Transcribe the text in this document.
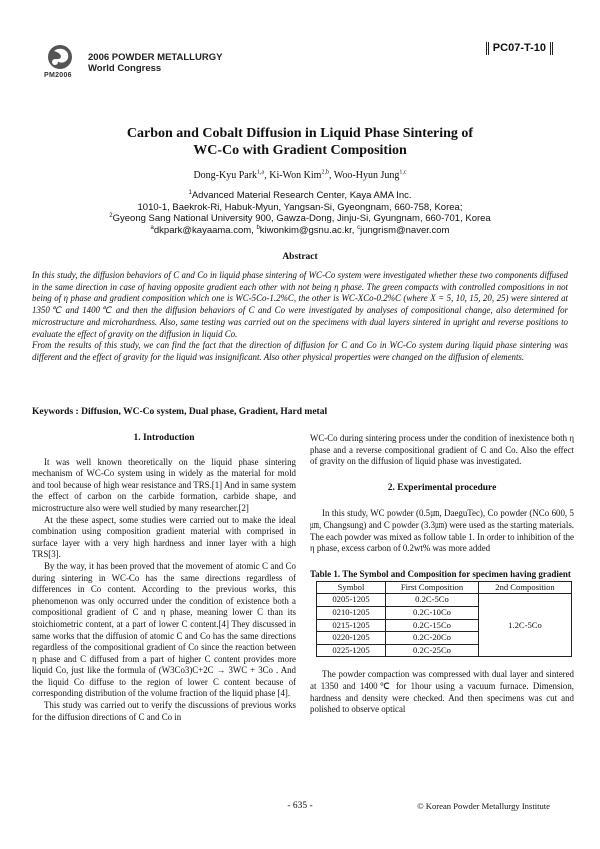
PM2006
2006 POWDER METALLURGY
World Congress
PC07-T-10
Carbon and Cobalt Diffusion in Liquid Phase Sintering of
WC-Co with Gradient Composition
Dong-Kyu Park$^{1,a}$, Ki-Won Kim$^{2,b}$, Woo-Hyun Jung$^{1,c}$
$^1$Advanced Material Research Center, Kaya AMA Inc.
1010-1, Baekrok-Ri, Habuk-Myun, Yangsan-Si, Gyeongnam, 660-758, Korea;
$^2$Gyeong Sang National University 900, Gawza-Dong, Jinju-Si, Gyungnam, 660-701, Korea
$^a$dkpark@kayaama.com, $^b$kiwonkim@gsnu.ac.kr, $^c$jungrism@naver.com
Abstract

In this study, the diffusion behaviors of C and Co in liquid phase sintering of WC-Co system were investigated whether these two components diffused in the same direction in case of having opposite gradient each other with not being η phase. The green compacts with controlled compositions in not being of η phase and gradient composition which one is WC-5Co-1.2%C, the other is WC-XCo-0.2%C (where X = 5, 10, 15, 20, 25) were sintered at 1350℃ and 1400℃ and then the diffusion behaviors of C and Co were investigated by analyses of compositional change, also determined for microstructure and microhardness. Also, same testing was carried out on the specimens with dual layers sintered in upright and reverse positions to evaluate the effect of gravity on the diffusion in liquid Co.

From the results of this study, we can find the fact that the direction of diffusion for C and Co in WC-Co system during liquid phase sintering was different and the effect of gravity for the liquid was insignificant. Also other physical properties were changed on the diffusion of elements.

Keywords : Diffusion, WC-Co system, Dual phase, Gradient, Hard metal
1. Introduction

It was well known theoretically on the liquid phase sintering mechanism of WC-Co system using in widely as the material for mold and tool because of high wear resistance and TRS.[1] And in same system the effect of carbon on the carbide formation, carbide shape, and microstructure also were well studied by many researcher.[2]

At the these aspect, some studies were carried out to make the ideal combination using composition gradient material with comprised in surface layer with a very high hardness and inner layer with a high TRS[3].

By the way, it has been proved that the movement of atomic C and Co during sintering in WC-Co has the same directions regardless of differences in Co content. According to the previous works, this phenomenon was only occurred under the condition of existence both a compositional gradient of C and η phase, meaning lower C than its stoichiometric content, at a part of lower C content.[4] They discussed in same works that the diffusion of atomic C and Co has the same directions regardless of the compositional gradient of Co since the reaction between η phase and C diffused from a part of higher C content provides more liquid Co, just like the formula of (W3Co3)C+2C → 3WC + 3Co . And the liquid Co diffuse to the region of lower C content because of corresponding distribution of the volume fraction of the liquid phase [4].

This study was carried out to verify the discussions of previous works for the diffusion directions of C and Co in

WC-Co during sintering process under the condition of inexistence both η phase and a reverse compositional gradient of C and Co. Also the effect of gravity on the diffusion of liquid phase was investigated.

2. Experimental procedure

In this study, WC powder (0.5㎛, DaeguTec), Co powder (NCo 600, 5㎛, Changsung) and C powder (3.3㎛) were used as the starting materials. The each powder was mixed as follow table 1. In order to inhibition of the η phase, excess carbon of 0.2wt% was more added

Table 1. The Symbol and Composition for specimen having gradient
Symbol	First Composition	2nd Composition
0205-1205	0.2C-5Co	1.2C-5Co
0210-1205	0.2C-10Co	
0215-1205	0.2C-15Co	
0220-1205	0.2C-20Co	
0225-1205	0.2C-25Co	

The powder compaction was compressed with dual layer and sintered at 1350 and 1400℃ for 1hour using a vacuum furnace. Dimension, hardness and density were checked. And then specimens was cut and polished to observe optical

- 635 -	© Korean Powder Metallurgy Institute
